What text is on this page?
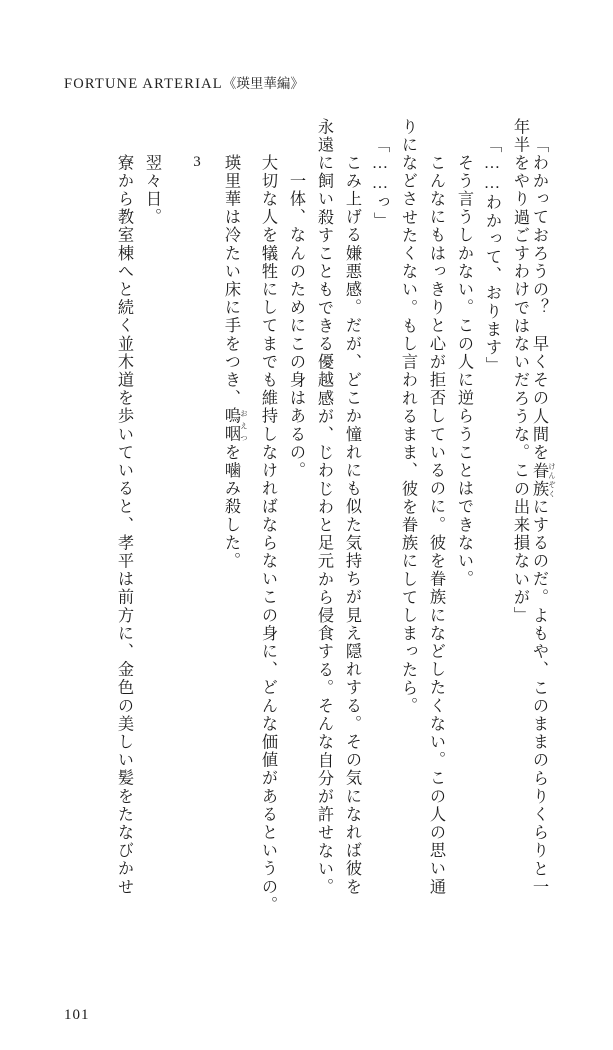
FORTUNE ARTERIAL《瑛里華編》
「わかっておろうの？　早くその人間を眷族 けんぞくにするのだ。よもや、このままのらりくらりと一
年半をやり過ごすわけではないだろうな。この出来損ないが」
「……わかって、おります」
そう言うしかない。この人に逆らうことはできない。
こんなにもはっきりと心が拒否しているのに。彼を眷族になどしたくない。この人の思い通
りになどさせたくない。もし言われるまま、彼を眷族にしてしまったら。
「……っ」
こみ上げる嫌悪感。だが、どこか憧れにも似た気持ちが見え隠れする。その気になれば彼を
永遠に飼い殺すこともできる優越感が、じわじわと足元から侵食する。そんな自分が許せない。
　一体、なんのためにこの身はあるの。
大切な人を犠牲にしてまでも維持しなければならないこの身に、どんな価値があるというの。
瑛里華は冷たい床に手をつき、嗚咽 おえつを噛み殺した。
3
翌々日。
寮から教室棟へと続く並木道を歩いていると、孝平は前方に、金色の美しい髪をたなびかせ
101
